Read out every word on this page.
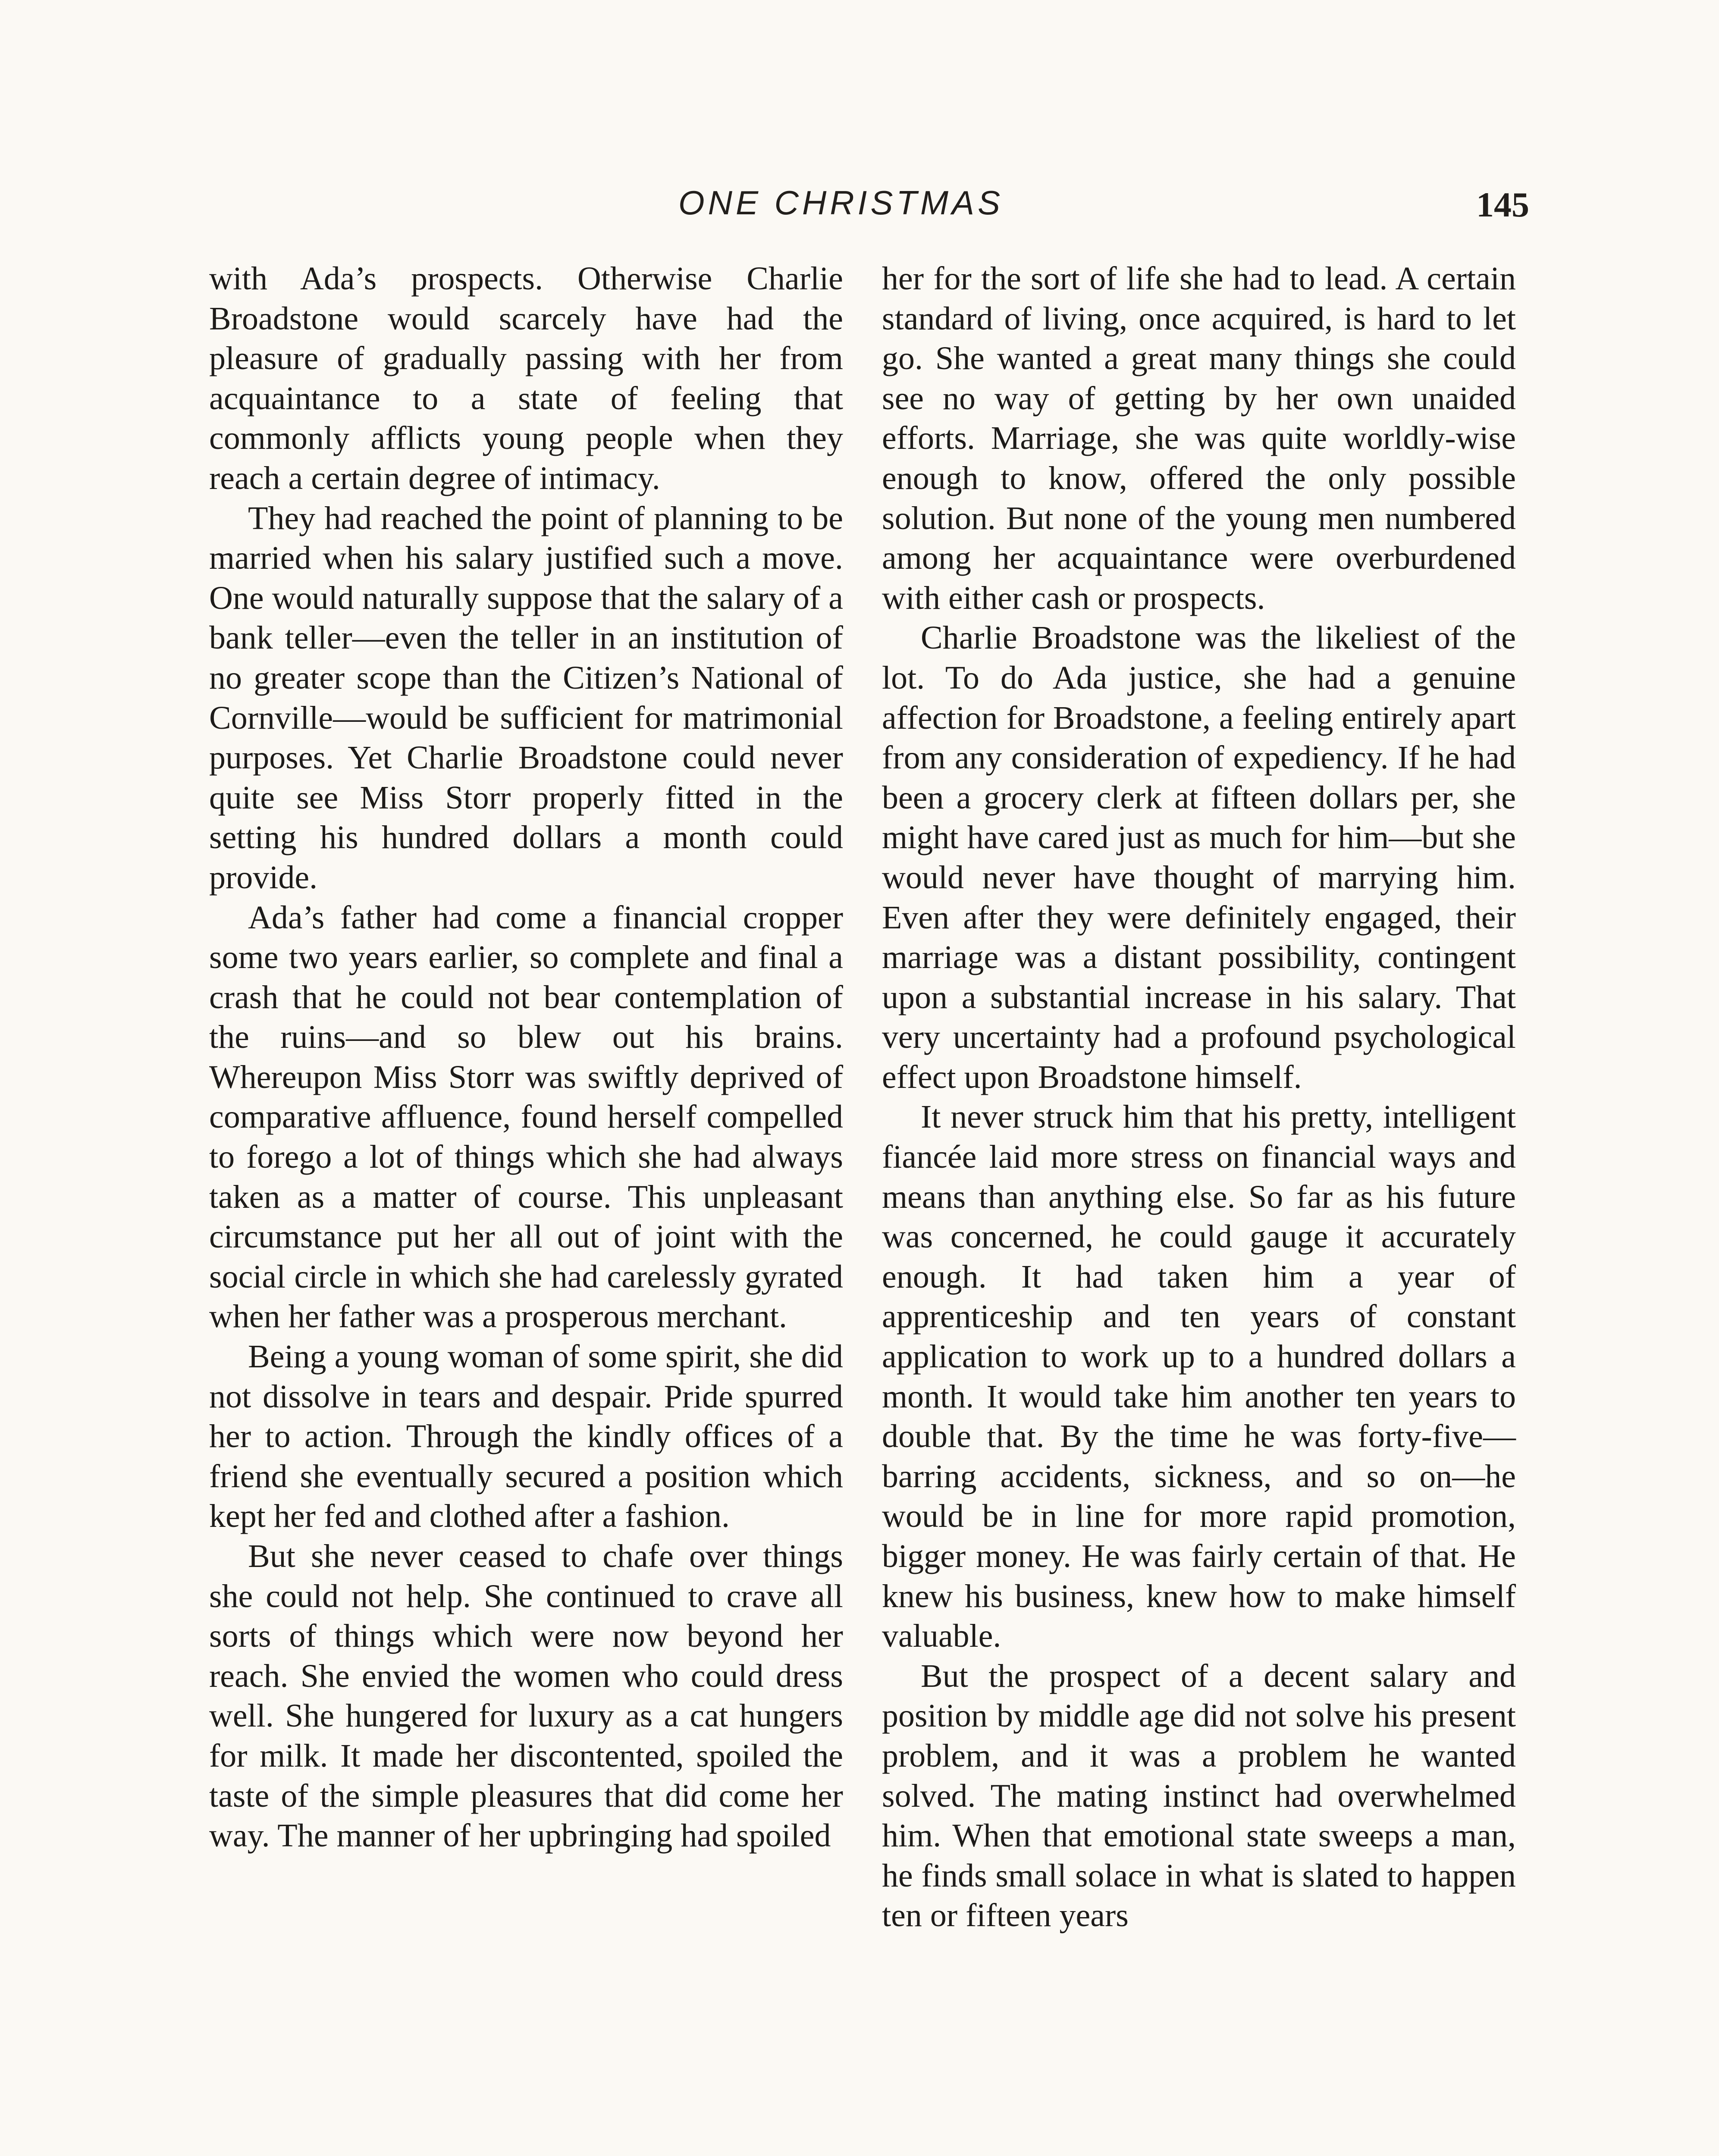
ONE CHRISTMAS	145

with Ada’s prospects. Otherwise Charlie Broadstone would scarcely have had the pleasure of gradually passing with her from acquaintance to a state of feeling that commonly afflicts young people when they reach a certain degree of intimacy.

They had reached the point of planning to be married when his salary justified such a move. One would naturally suppose that the salary of a bank teller—even the teller in an institution of no greater scope than the Citizen’s National of Cornville—would be sufficient for matrimonial purposes. Yet Charlie Broadstone could never quite see Miss Storr properly fitted in the setting his hundred dollars a month could provide.

Ada’s father had come a financial cropper some two years earlier, so complete and final a crash that he could not bear contemplation of the ruins—and so blew out his brains. Whereupon Miss Storr was swiftly deprived of comparative affluence, found herself compelled to forego a lot of things which she had always taken as a matter of course. This unpleasant circumstance put her all out of joint with the social circle in which she had carelessly gyrated when her father was a prosperous merchant.

Being a young woman of some spirit, she did not dissolve in tears and despair. Pride spurred her to action. Through the kindly offices of a friend she eventually secured a position which kept her fed and clothed after a fashion.

But she never ceased to chafe over things she could not help. She continued to crave all sorts of things which were now beyond her reach. She envied the women who could dress well. She hungered for luxury as a cat hungers for milk. It made her discontented, spoiled the taste of the simple pleasures that did come her way. The manner of her upbringing had spoiled

her for the sort of life she had to lead. A certain standard of living, once acquired, is hard to let go. She wanted a great many things she could see no way of getting by her own unaided efforts. Marriage, she was quite worldly-wise enough to know, offered the only possible solution. But none of the young men numbered among her acquaintance were overburdened with either cash or prospects.

Charlie Broadstone was the likeliest of the lot. To do Ada justice, she had a genuine affection for Broadstone, a feeling entirely apart from any consideration of expediency. If he had been a grocery clerk at fifteen dollars per, she might have cared just as much for him—but she would never have thought of marrying him. Even after they were definitely engaged, their marriage was a distant possibility, contingent upon a substantial increase in his salary. That very uncertainty had a profound psychological effect upon Broadstone himself.

It never struck him that his pretty, intelligent fiancée laid more stress on financial ways and means than anything else. So far as his future was concerned, he could gauge it accurately enough. It had taken him a year of apprenticeship and ten years of constant application to work up to a hundred dollars a month. It would take him another ten years to double that. By the time he was forty-five—barring accidents, sickness, and so on—he would be in line for more rapid promotion, bigger money. He was fairly certain of that. He knew his business, knew how to make himself valuable.

But the prospect of a decent salary and position by middle age did not solve his present problem, and it was a problem he wanted solved. The mating instinct had overwhelmed him. When that emotional state sweeps a man, he finds small solace in what is slated to happen ten or fifteen years
